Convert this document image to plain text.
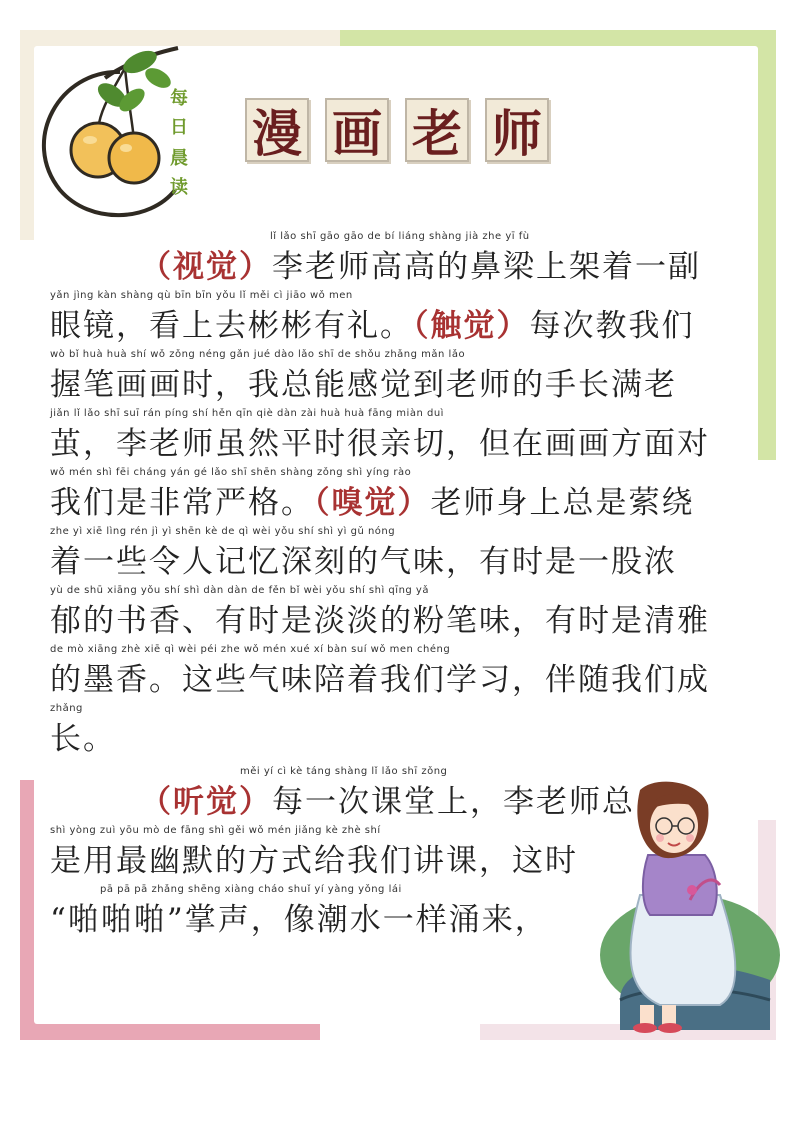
每
日
晨
读
漫 画 老 师
lǐ lǎo shī gāo gāo de bí liáng shàng jià zhe yī fù
（视觉）李老师高高的鼻梁上架着一副
yǎn jìng kàn shàng qù bīn bīn yǒu lǐ měi cì jiāo wǒ men
眼镜，看上去彬彬有礼。（触觉）每次教我们
wò bǐ huà huà shí wǒ zǒng néng gǎn jué dào lǎo shī de shǒu zhǎng mǎn lǎo
握笔画画时，我总能感觉到老师的手长满老
jiǎn lǐ lǎo shī suī rán píng shí hěn qīn qiè dàn zài huà huà fāng miàn duì
茧，李老师虽然平时很亲切，但在画画方面对
wǒ mén shì fēi cháng yán gé lǎo shī shēn shàng zǒng shì yíng rào
我们是非常严格。（嗅觉）老师身上总是萦绕
zhe yì xiē lìng rén jì yì shēn kè de qì wèi yǒu shí shì yì gǔ nóng
着一些令人记忆深刻的气味，有时是一股浓
yù de shū xiāng yǒu shí shì dàn dàn de fěn bǐ wèi yǒu shí shì qīng yǎ
郁的书香、有时是淡淡的粉笔味，有时是清雅
de mò xiāng zhè xiē qì wèi péi zhe wǒ mén xué xí bàn suí wǒ men chéng
的墨香。这些气味陪着我们学习，伴随我们成
zhǎng
长。
měi yí cì kè táng shàng lǐ lǎo shī zǒng
（听觉）每一次课堂上，李老师总
shì yòng zuì yōu mò de fāng shì gěi wǒ mén jiǎng kè zhè shí
是用最幽默的方式给我们讲课，这时
pā pā pā zhǎng shēng xiàng cháo shuǐ yí yàng yǒng lái
“啪啪啪”掌声，像潮水一样涌来，
